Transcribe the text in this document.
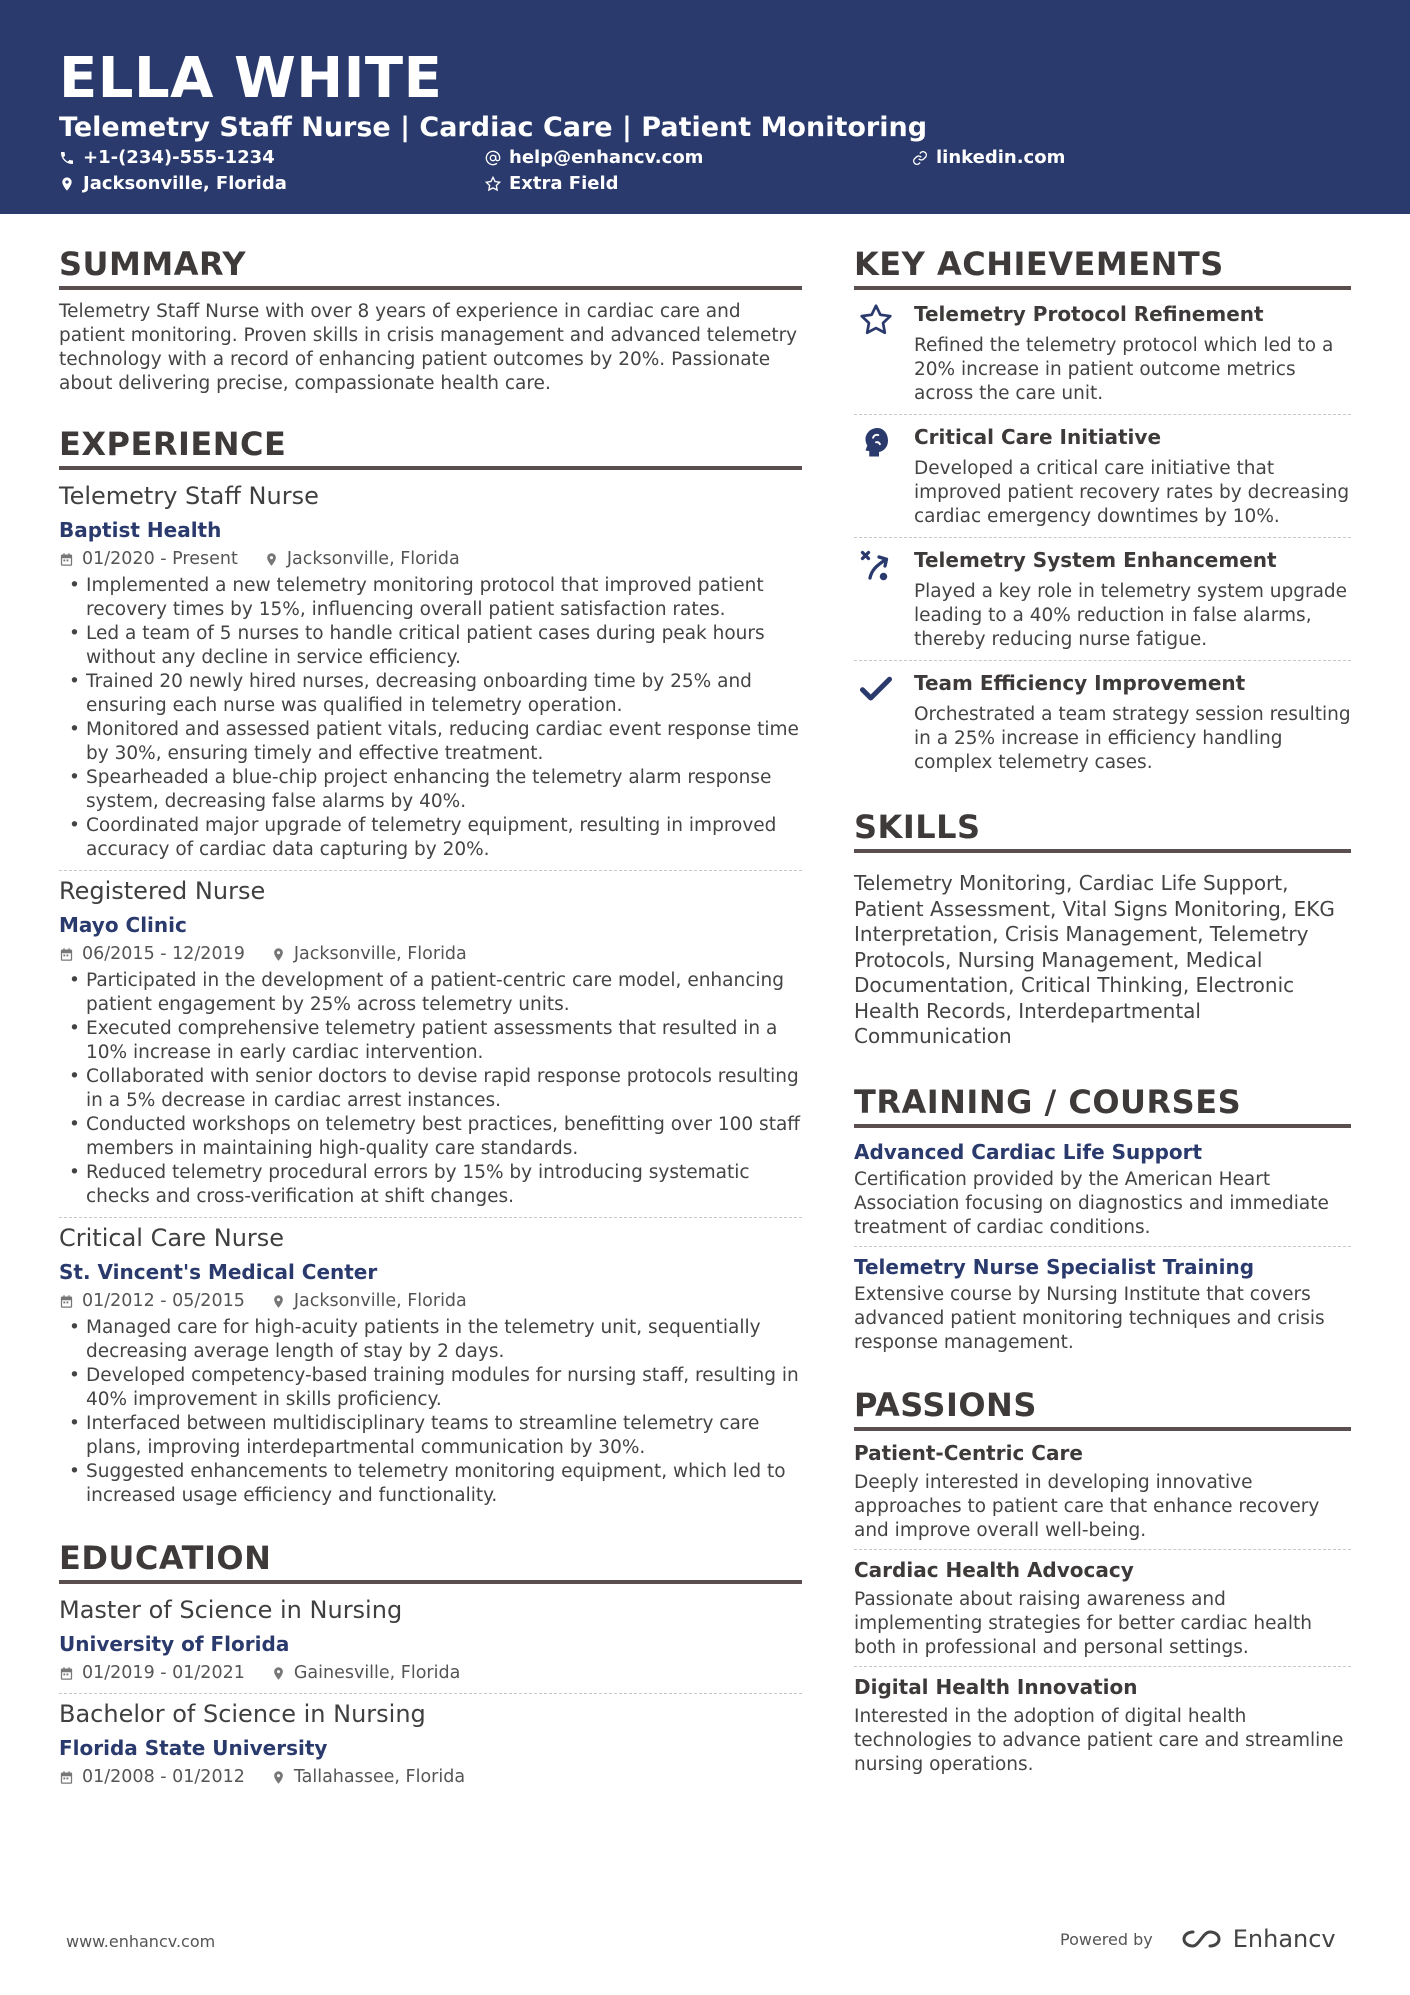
ELLA WHITE
Telemetry Staff Nurse | Cardiac Care | Patient Monitoring
+1-(234)-555-1234	help@enhancv.com	linkedin.com
Jacksonville, Florida	Extra Field
SUMMARY
Telemetry Staff Nurse with over 8 years of experience in cardiac care and patient monitoring. Proven skills in crisis management and advanced telemetry technology with a record of enhancing patient outcomes by 20%. Passionate about delivering precise, compassionate health care.
EXPERIENCE
Telemetry Staff Nurse
Baptist Health
01/2020 - Present	Jacksonville, Florida
• Implemented a new telemetry monitoring protocol that improved patient recovery times by 15%, influencing overall patient satisfaction rates.
• Led a team of 5 nurses to handle critical patient cases during peak hours without any decline in service efficiency.
• Trained 20 newly hired nurses, decreasing onboarding time by 25% and ensuring each nurse was qualified in telemetry operation.
• Monitored and assessed patient vitals, reducing cardiac event response time by 30%, ensuring timely and effective treatment.
• Spearheaded a blue-chip project enhancing the telemetry alarm response system, decreasing false alarms by 40%.
• Coordinated major upgrade of telemetry equipment, resulting in improved accuracy of cardiac data capturing by 20%.
Registered Nurse
Mayo Clinic
06/2015 - 12/2019	Jacksonville, Florida
• Participated in the development of a patient-centric care model, enhancing patient engagement by 25% across telemetry units.
• Executed comprehensive telemetry patient assessments that resulted in a 10% increase in early cardiac intervention.
• Collaborated with senior doctors to devise rapid response protocols resulting in a 5% decrease in cardiac arrest instances.
• Conducted workshops on telemetry best practices, benefitting over 100 staff members in maintaining high-quality care standards.
• Reduced telemetry procedural errors by 15% by introducing systematic checks and cross-verification at shift changes.
Critical Care Nurse
St. Vincent's Medical Center
01/2012 - 05/2015	Jacksonville, Florida
• Managed care for high-acuity patients in the telemetry unit, sequentially decreasing average length of stay by 2 days.
• Developed competency-based training modules for nursing staff, resulting in 40% improvement in skills proficiency.
• Interfaced between multidisciplinary teams to streamline telemetry care plans, improving interdepartmental communication by 30%.
• Suggested enhancements to telemetry monitoring equipment, which led to increased usage efficiency and functionality.
EDUCATION
Master of Science in Nursing
University of Florida
01/2019 - 01/2021	Gainesville, Florida
Bachelor of Science in Nursing
Florida State University
01/2008 - 01/2012	Tallahassee, Florida
KEY ACHIEVEMENTS
Telemetry Protocol Refinement
Refined the telemetry protocol which led to a 20% increase in patient outcome metrics across the care unit.
Critical Care Initiative
Developed a critical care initiative that improved patient recovery rates by decreasing cardiac emergency downtimes by 10%.
Telemetry System Enhancement
Played a key role in telemetry system upgrade leading to a 40% reduction in false alarms, thereby reducing nurse fatigue.
Team Efficiency Improvement
Orchestrated a team strategy session resulting in a 25% increase in efficiency handling complex telemetry cases.
SKILLS
Telemetry Monitoring, Cardiac Life Support, Patient Assessment, Vital Signs Monitoring, EKG Interpretation, Crisis Management, Telemetry Protocols, Nursing Management, Medical Documentation, Critical Thinking, Electronic Health Records, Interdepartmental Communication
TRAINING / COURSES
Advanced Cardiac Life Support
Certification provided by the American Heart Association focusing on diagnostics and immediate treatment of cardiac conditions.
Telemetry Nurse Specialist Training
Extensive course by Nursing Institute that covers advanced patient monitoring techniques and crisis response management.
PASSIONS
Patient-Centric Care
Deeply interested in developing innovative approaches to patient care that enhance recovery and improve overall well-being.
Cardiac Health Advocacy
Passionate about raising awareness and implementing strategies for better cardiac health both in professional and personal settings.
Digital Health Innovation
Interested in the adoption of digital health technologies to advance patient care and streamline nursing operations.
www.enhancv.com	Powered by	Enhancv
